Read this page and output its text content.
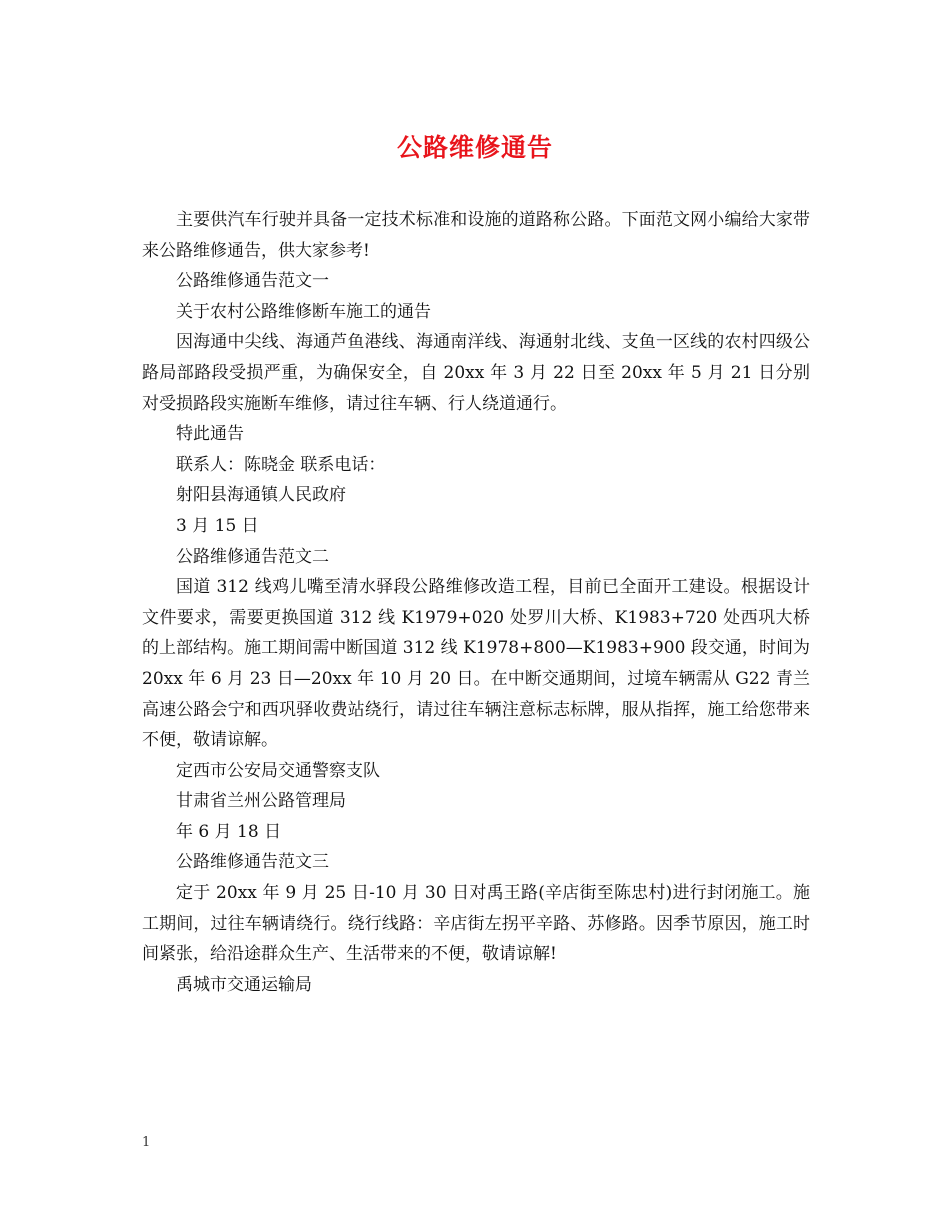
公路维修通告

主要供汽车行驶并具备一定技术标准和设施的道路称公路。下面范文网小编给大家带来公路维修通告，供大家参考!

公路维修通告范文一

关于农村公路维修断车施工的通告

因海通中尖线、海通芦鱼港线、海通南洋线、海通射北线、支鱼一区线的农村四级公路局部路段受损严重，为确保安全，自 20xx 年 3 月 22 日至 20xx 年 5 月 21 日分别对受损路段实施断车维修，请过往车辆、行人绕道通行。

特此通告

联系人：陈晓金 联系电话：

射阳县海通镇人民政府

3 月 15 日

公路维修通告范文二

国道 312 线鸡儿嘴至清水驿段公路维修改造工程，目前已全面开工建设。根据设计文件要求，需要更换国道 312 线 K1979+020 处罗川大桥、K1983+720 处西巩大桥的上部结构。施工期间需中断国道 312 线 K1978+800—K1983+900 段交通，时间为 20xx 年 6 月 23 日—20xx 年 10 月 20 日。在中断交通期间，过境车辆需从 G22 青兰高速公路会宁和西巩驿收费站绕行，请过往车辆注意标志标牌，服从指挥，施工给您带来不便，敬请谅解。

定西市公安局交通警察支队

甘肃省兰州公路管理局

年 6 月 18 日

公路维修通告范文三

定于 20xx 年 9 月 25 日-10 月 30 日对禹王路(辛店街至陈忠村)进行封闭施工。施工期间，过往车辆请绕行。绕行线路：辛店街左拐平辛路、苏修路。因季节原因，施工时间紧张，给沿途群众生产、生活带来的不便，敬请谅解!

禹城市交通运输局

1
